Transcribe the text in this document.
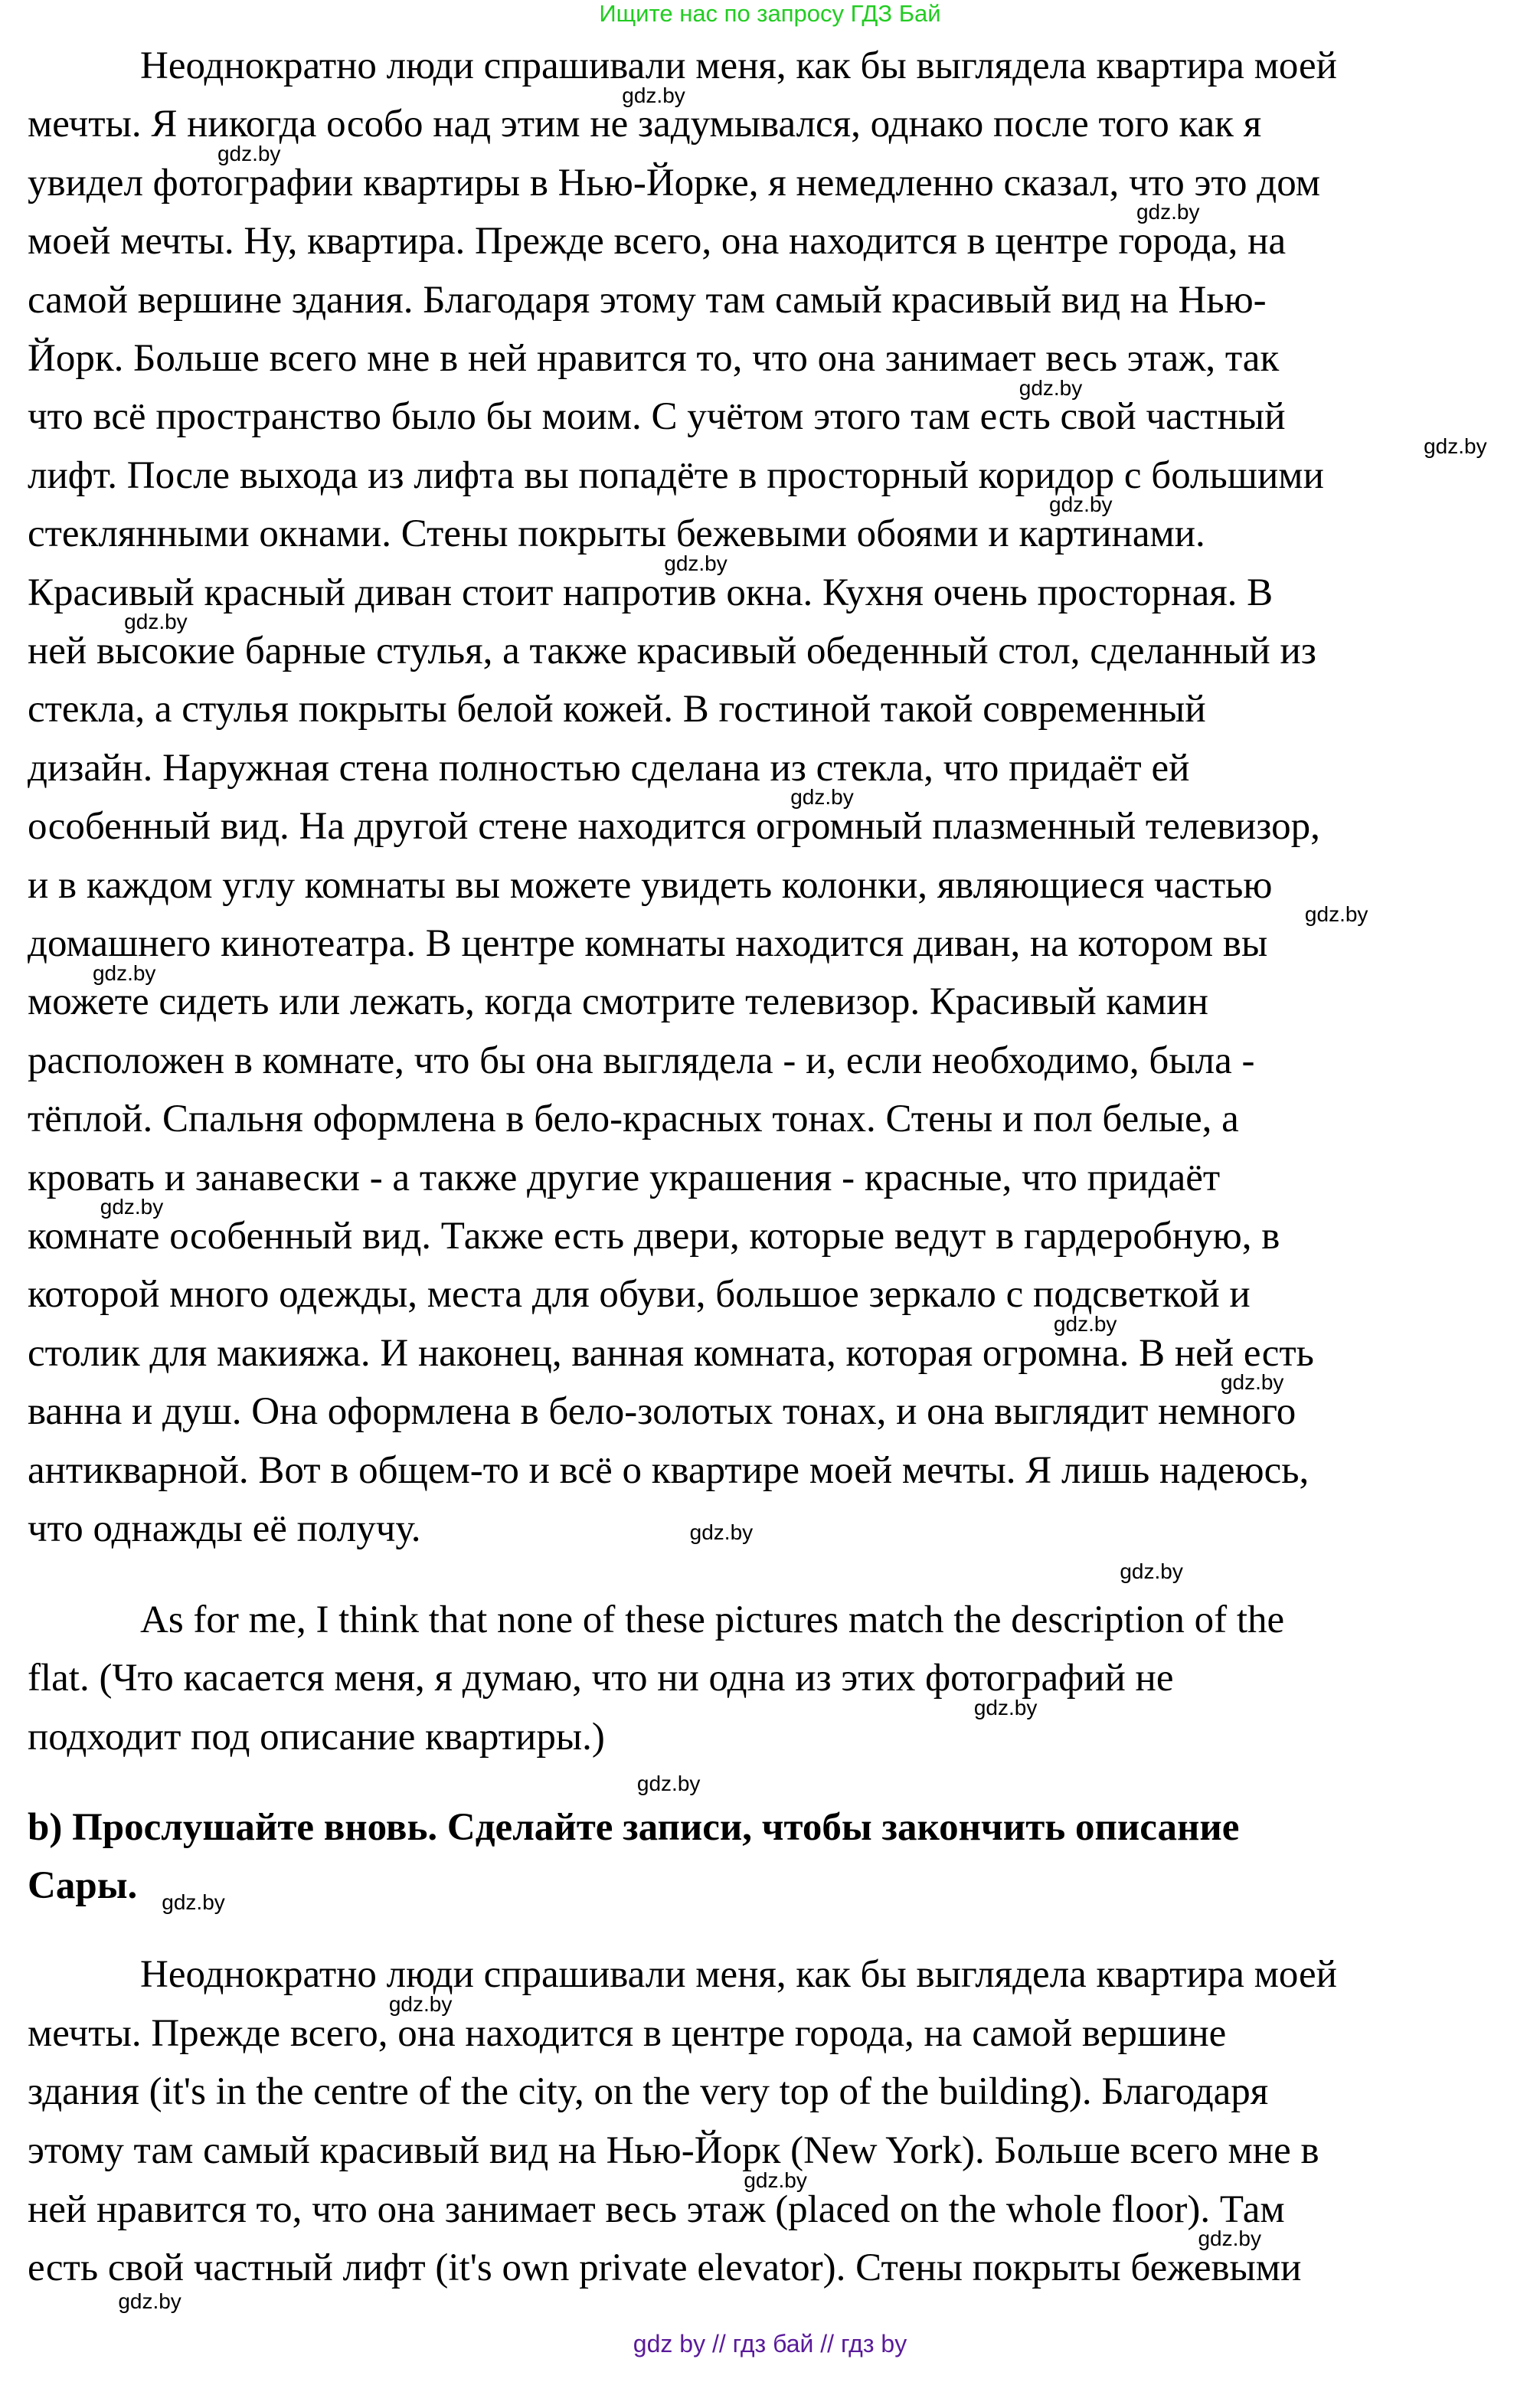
Ищите нас по запросу ГДЗ Бай
Неоднократно люди спрашивали меня, как бы выглядела квартира моей
мечты. Я никогда особо над этим не задумывался, однако после того как я
увидел фотографии квартиры в Нью-Йорке, я немедленно сказал, что это дом
моей мечты. Ну, квартира. Прежде всего, она находится в центре города, на
самой вершине здания. Благодаря этому там самый красивый вид на Нью-
Йорк. Больше всего мне в ней нравится то, что она занимает весь этаж, так
что всё пространство было бы моим. С учётом этого там есть свой частный
лифт. После выхода из лифта вы попадёте в просторный коридор с большими
стеклянными окнами. Стены покрыты бежевыми обоями и картинами.
Красивый красный диван стоит напротив окна. Кухня очень просторная. В
ней высокие барные стулья, а также красивый обеденный стол, сделанный из
стекла, а стулья покрыты белой кожей. В гостиной такой современный
дизайн. Наружная стена полностью сделана из стекла, что придаёт ей
особенный вид. На другой стене находится огромный плазменный телевизор,
и в каждом углу комнаты вы можете увидеть колонки, являющиеся частью
домашнего кинотеатра. В центре комнаты находится диван, на котором вы
можете сидеть или лежать, когда смотрите телевизор. Красивый камин
расположен в комнате, что бы она выглядела - и, если необходимо, была -
тёплой. Спальня оформлена в бело-красных тонах. Стены и пол белые, а
кровать и занавески - а также другие украшения - красные, что придаёт
комнате особенный вид. Также есть двери, которые ведут в гардеробную, в
которой много одежды, места для обуви, большое зеркало с подсветкой и
столик для макияжа. И наконец, ванная комната, которая огромна. В ней есть
ванна и душ. Она оформлена в бело-золотых тонах, и она выглядит немного
антикварной. Вот в общем-то и всё о квартире моей мечты. Я лишь надеюсь,
что однажды её получу.
As for me, I think that none of these pictures match the description of the
flat. (Что касается меня, я думаю, что ни одна из этих фотографий не
подходит под описание квартиры.)
b) Прослушайте вновь. Сделайте записи, чтобы закончить описание
Сары.
Неоднократно люди спрашивали меня, как бы выглядела квартира моей
мечты. Прежде всего, она находится в центре города, на самой вершине
здания (it's in the centre of the city, on the very top of the building). Благодаря
этому там самый красивый вид на Нью-Йорк (New York). Больше всего мне в
ней нравится то, что она занимает весь этаж (placed on the whole floor). Там
есть свой частный лифт (it's own private elevator). Стены покрыты бежевыми
gdz.by
gdz.by
gdz.by
gdz.by
gdz.by
gdz.by
gdz.by
gdz.by
gdz.by
gdz.by
gdz.by
gdz.by
gdz.by
gdz.by
gdz.by
gdz.by
gdz.by
gdz.by
gdz.by
gdz.by
gdz.by
gdz.by
gdz.by
gdz by // гдз бай // гдз by
